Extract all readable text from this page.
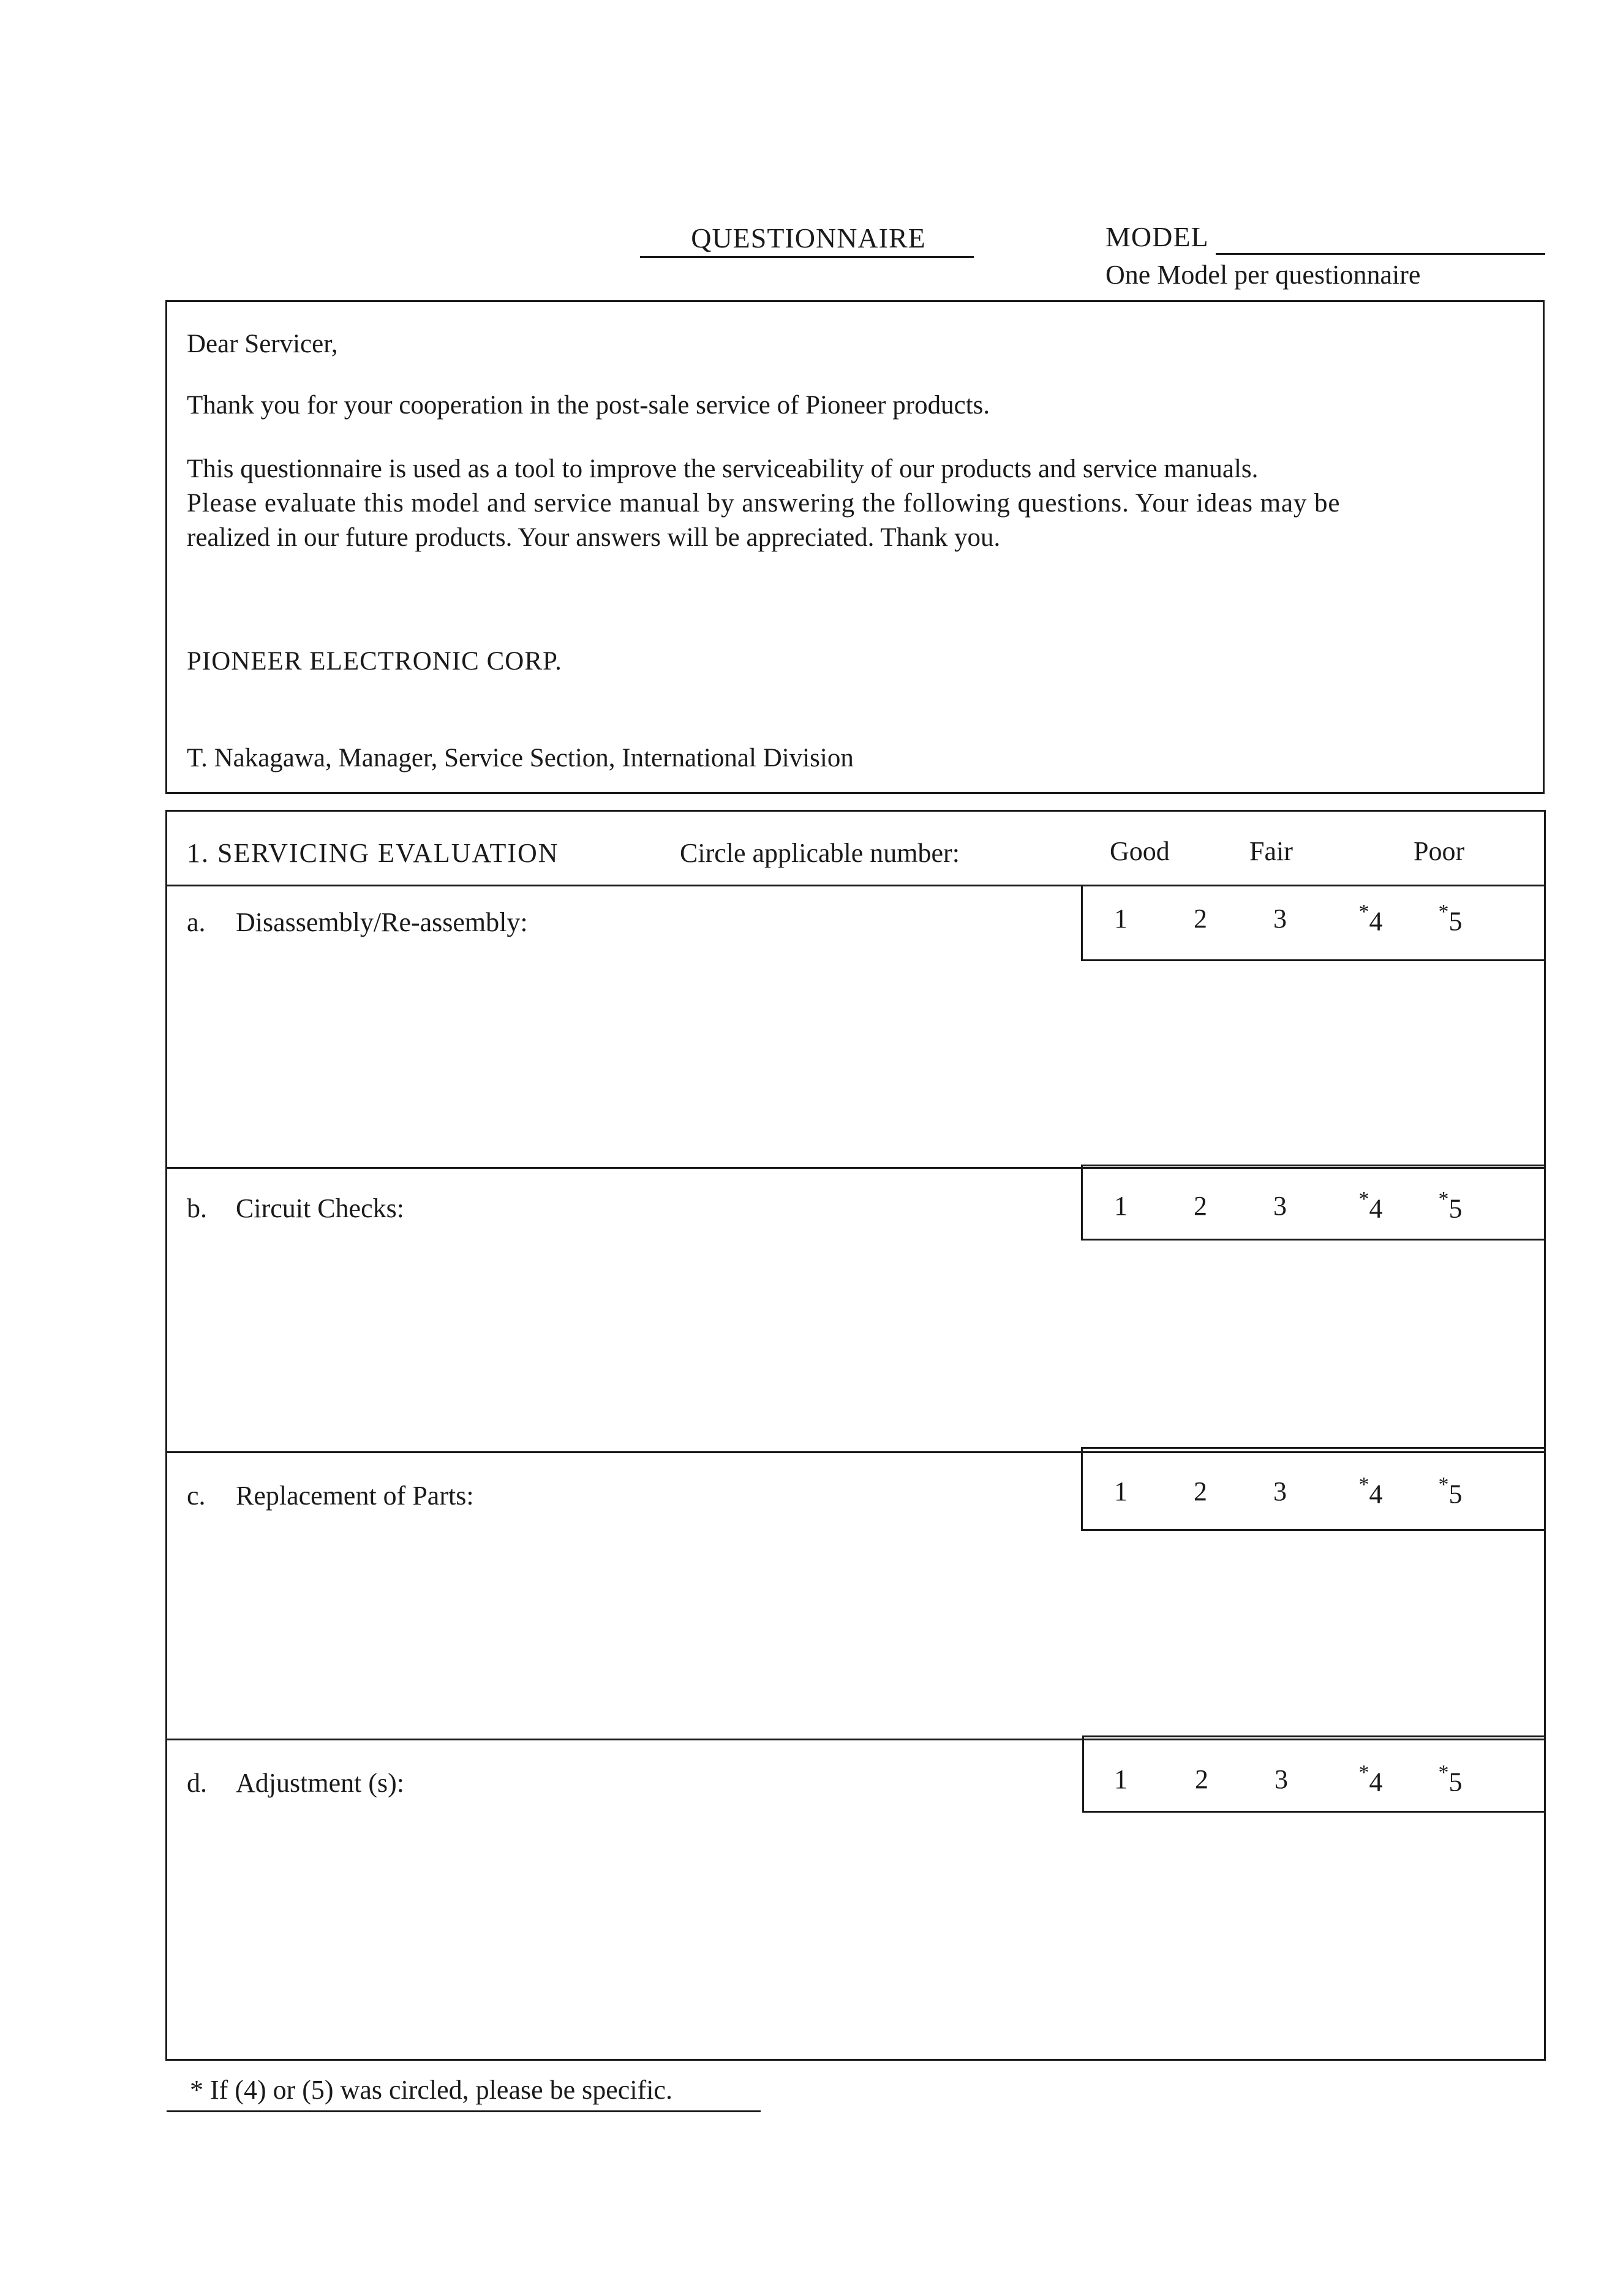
QUESTIONNAIRE	MODEL
One Model per questionnaire
Dear Servicer,
Thank you for your cooperation in the post-sale service of Pioneer products.
This questionnaire is used as a tool to improve the serviceability of our products and service manuals.
Please evaluate this model and service manual by answering the following questions. Your ideas may be
realized in our future products. Your answers will be appreciated. Thank you.
PIONEER ELECTRONIC CORP.
T. Nakagawa, Manager, Service Section, International Division
1. SERVICING EVALUATION	Circle applicable number:	Good	Fair	Poor
a. Disassembly/Re-assembly:	1	2	3	*4	*5
b. Circuit Checks:	1	2	3	*4	*5
c. Replacement of Parts:	1	2	3	*4	*5
d. Adjustment (s):	1	2	3	*4	*5
* If (4) or (5) was circled, please be specific.
